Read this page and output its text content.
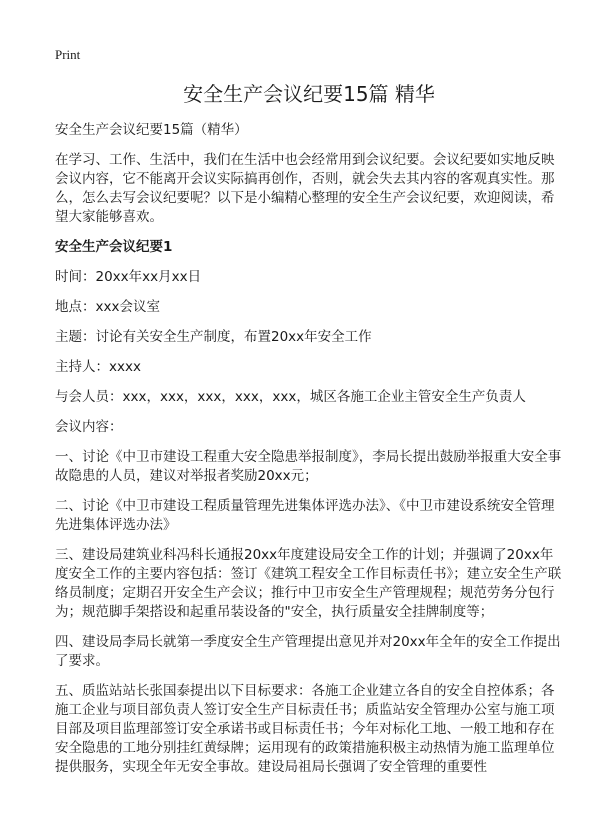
Print
安全生产会议纪要15篇 精华

安全生产会议纪要15篇（精华）

在学习、工作、生活中，我们在生活中也会经常用到会议纪要。会议纪要如实地反映会议内容，它不能离开会议实际搞再创作，否则，就会失去其内容的客观真实性。那么，怎么去写会议纪要呢？以下是小编精心整理的安全生产会议纪要，欢迎阅读，希望大家能够喜欢。

安全生产会议纪要1

时间：20xx年xx月xx日

地点：xxx会议室

主题：讨论有关安全生产制度，布置20xx年安全工作

主持人：xxxx

与会人员：xxx，xxx，xxx，xxx，xxx，城区各施工企业主管安全生产负责人

会议内容：

一、讨论《中卫市建设工程重大安全隐患举报制度》，李局长提出鼓励举报重大安全事故隐患的人员，建议对举报者奖励20xx元；

二、讨论《中卫市建设工程质量管理先进集体评选办法》、《中卫市建设系统安全管理先进集体评选办法》

三、建设局建筑业科冯科长通报20xx年度建设局安全工作的计划；并强调了20xx年度安全工作的主要内容包括：签订《建筑工程安全工作目标责任书》；建立安全生产联络员制度；定期召开安全生产会议；推行中卫市安全生产管理规程；规范劳务分包行为；规范脚手架搭设和起重吊装设备的"安全，执行质量安全挂牌制度等；

四、建设局李局长就第一季度安全生产管理提出意见并对20xx年全年的安全工作提出了要求。

五、质监站站长张国泰提出以下目标要求：各施工企业建立各自的安全自控体系；各施工企业与项目部负责人签订安全生产目标责任书；质监站安全管理办公室与施工项目部及项目监理部签订安全承诺书或目标责任书；今年对标化工地、一般工地和存在安全隐患的工地分别挂红黄绿牌；运用现有的政策措施积极主动热情为施工监理单位提供服务，实现全年无安全事故。建设局祖局长强调了安全管理的重要性
